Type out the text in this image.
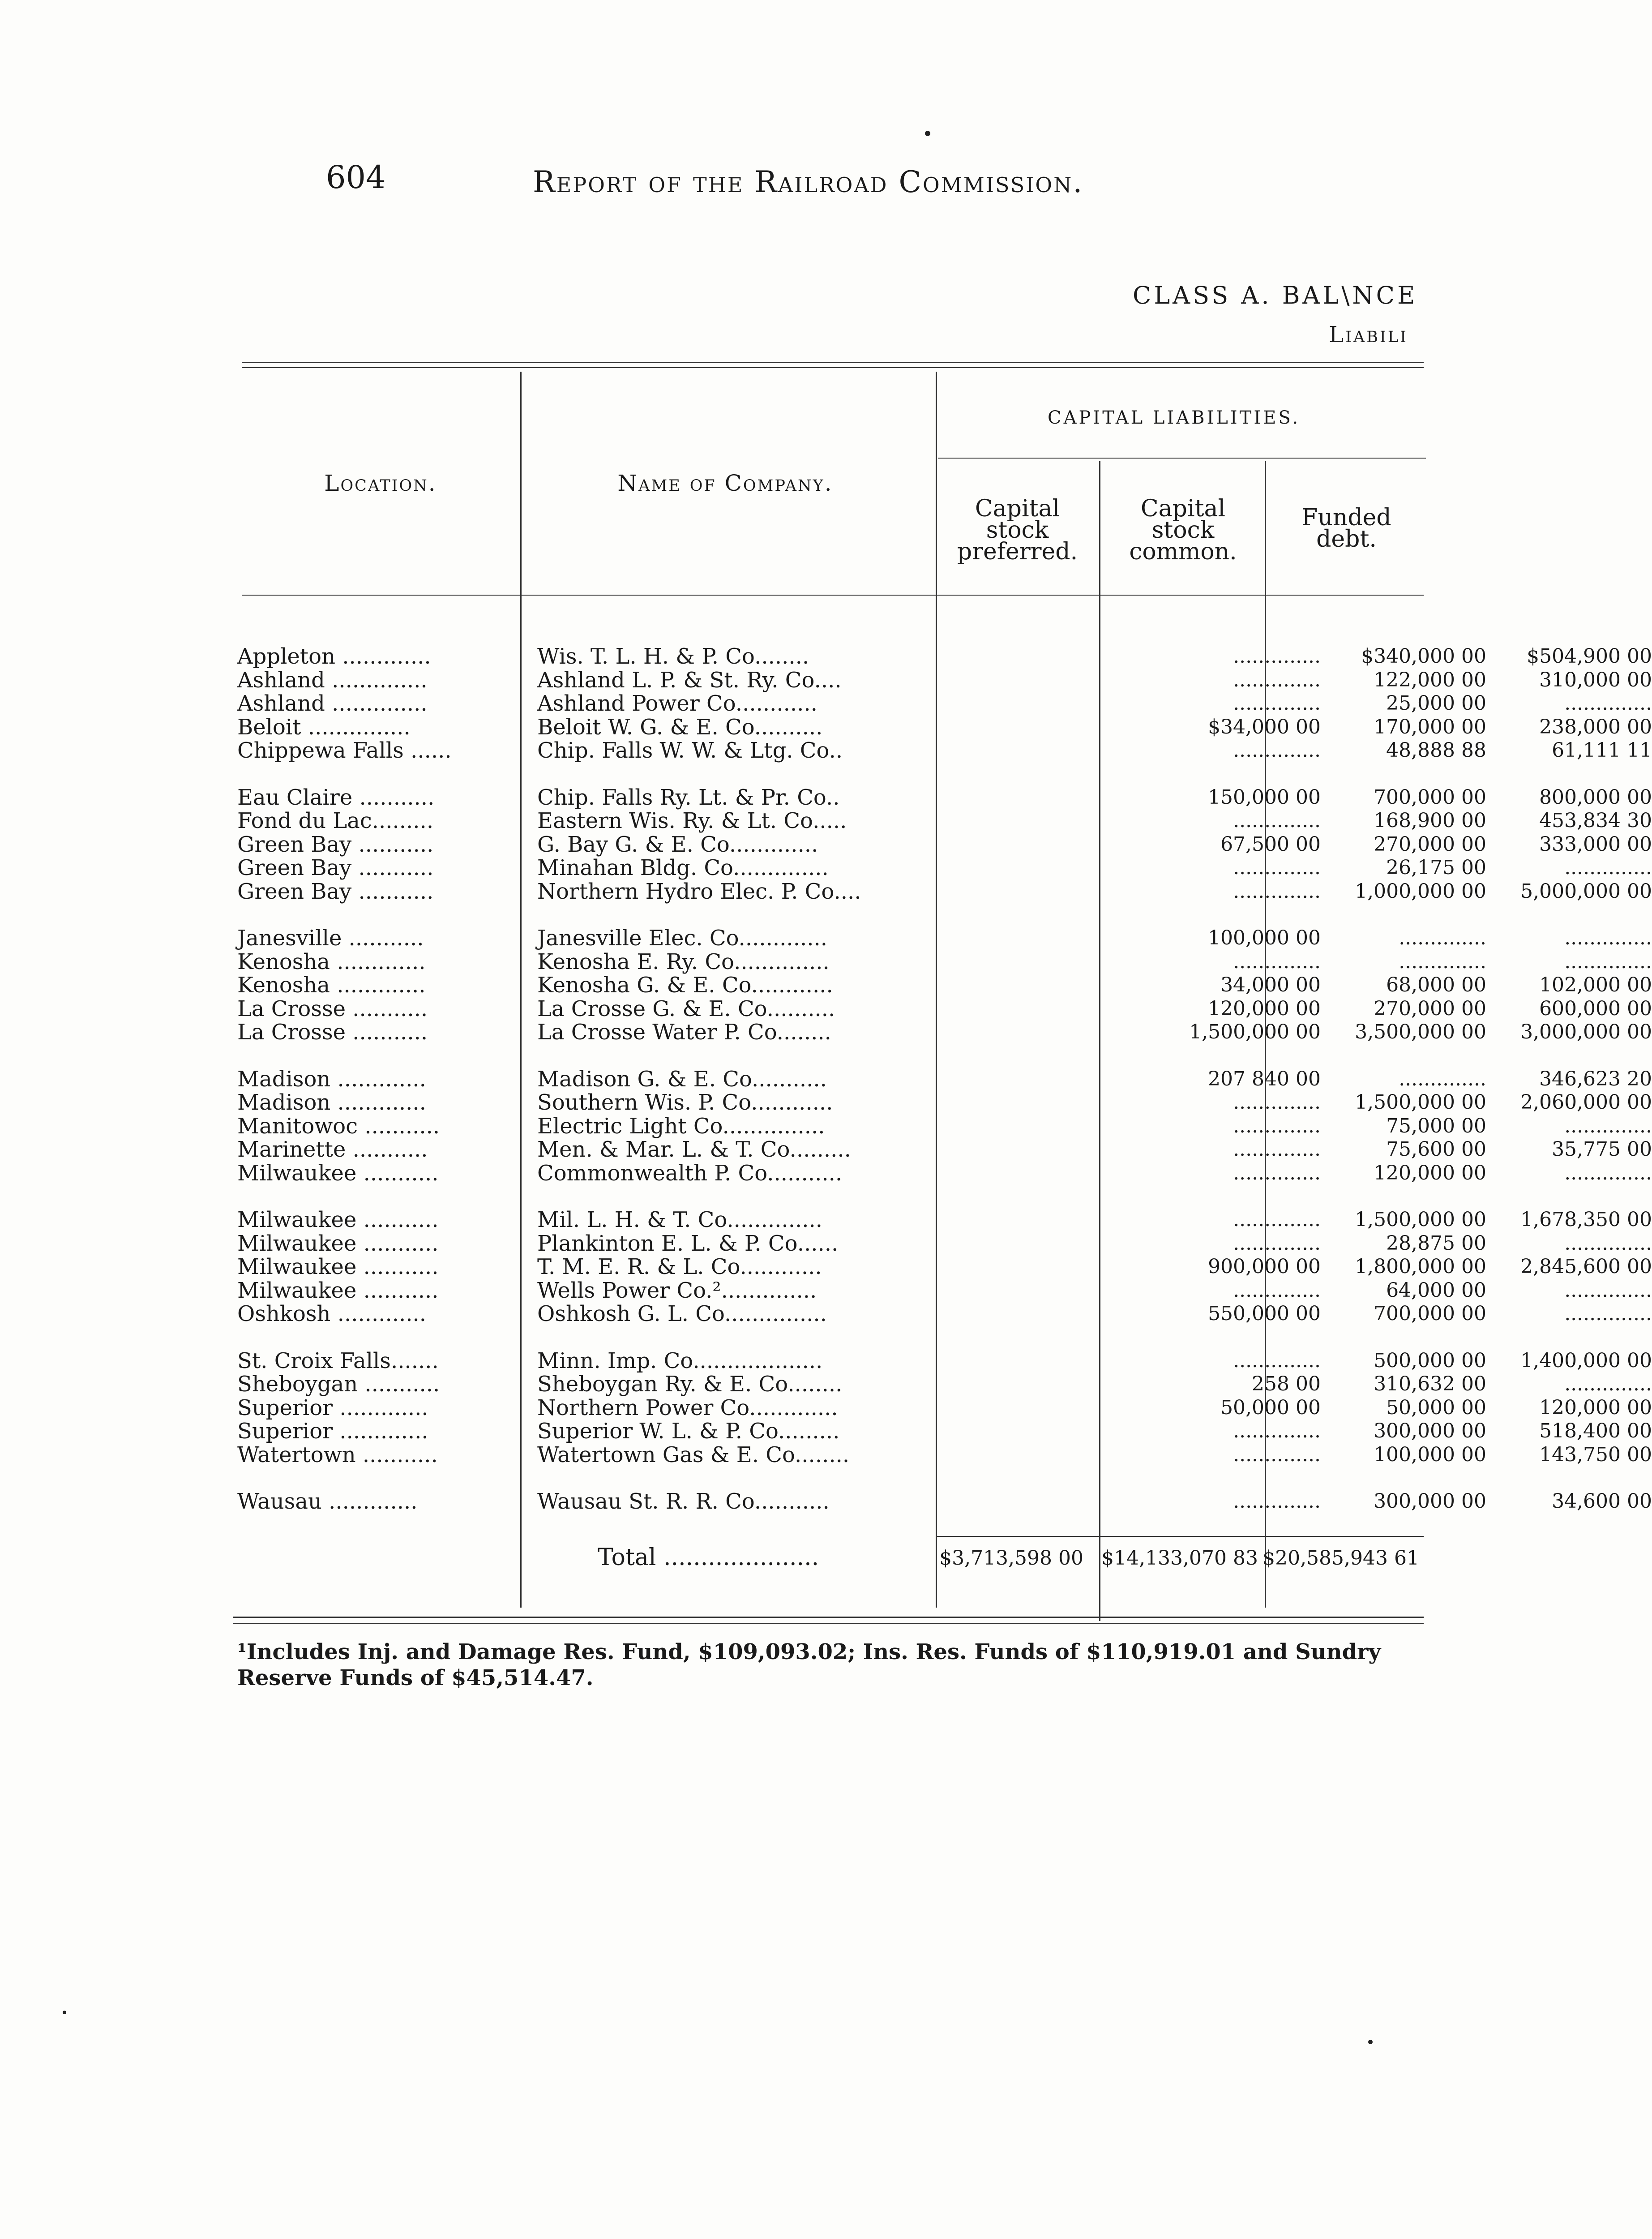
604	Report of the Railroad Commission.
CLASS A. BAL\NCE
Liabili
Location.	Name of Company.
CAPITAL LIABILITIES.
Capital
stock
preferred.
Capital
stock
common.
Funded
debt.
Appleton .............	Wis. T. L. H. & P. Co........	..............	$340,000 00	$504,900 00
Ashland ..............	Ashland L. P. & St. Ry. Co....	..............	122,000 00	310,000 00
Ashland ..............	Ashland Power Co............	..............	25,000 00	..............
Beloit ...............	Beloit W. G. & E. Co..........	$34,000 00	170,000 00	238,000 00
Chippewa Falls ......	Chip. Falls W. W. & Ltg. Co..	..............	48,888 88	61,111 11
Eau Claire ...........	Chip. Falls Ry. Lt. & Pr. Co..	150,000 00	700,000 00	800,000 00
Fond du Lac.........	Eastern Wis. Ry. & Lt. Co.....	..............	168,900 00	453,834 30
Green Bay ...........	G. Bay G. & E. Co.............	67,500 00	270,000 00	333,000 00
Green Bay ...........	Minahan Bldg. Co..............	..............	26,175 00	..............
Green Bay ...........	Northern Hydro Elec. P. Co....	..............	1,000,000 00	5,000,000 00
Janesville ...........	Janesville Elec. Co.............	100,000 00	..............	..............
Kenosha .............	Kenosha E. Ry. Co..............	..............	..............	..............
Kenosha .............	Kenosha G. & E. Co............	34,000 00	68,000 00	102,000 00
La Crosse ...........	La Crosse G. & E. Co..........	120,000 00	270,000 00	600,000 00
La Crosse ...........	La Crosse Water P. Co........	1,500,000 00	3,500,000 00	3,000,000 00
Madison .............	Madison G. & E. Co...........	207 840 00	..............	346,623 20
Madison .............	Southern Wis. P. Co............	..............	1,500,000 00	2,060,000 00
Manitowoc ...........	Electric Light Co...............	..............	75,000 00	..............
Marinette ...........	Men. & Mar. L. & T. Co.........	..............	75,600 00	35,775 00
Milwaukee ...........	Commonwealth P. Co...........	..............	120,000 00	..............
Milwaukee ...........	Mil. L. H. & T. Co..............	..............	1,500,000 00	1,678,350 00
Milwaukee ...........	Plankinton E. L. & P. Co......	..............	28,875 00	..............
Milwaukee ...........	T. M. E. R. & L. Co............	900,000 00	1,800,000 00	2,845,600 00
Milwaukee ...........	Wells Power Co.²..............	..............	64,000 00	..............
Oshkosh .............	Oshkosh G. L. Co...............	550,000 00	700,000 00	..............
St. Croix Falls.......	Minn. Imp. Co...................	..............	500,000 00	1,400,000 00
Sheboygan ...........	Sheboygan Ry. & E. Co........	258 00	310,632 00	..............
Superior .............	Northern Power Co.............	50,000 00	50,000 00	120,000 00
Superior .............	Superior W. L. & P. Co.........	..............	300,000 00	518,400 00
Watertown ...........	Watertown Gas & E. Co........	..............	100,000 00	143,750 00
Wausau .............	Wausau St. R. R. Co...........	..............	300,000 00	34,600 00
Total .....................	$3,713,598 00 $14,133,070 83 $20,585,943 61
¹Includes Inj. and Damage Res. Fund, $109,093.02; Ins. Res. Funds of $110,919.01 and Sundry
Reserve Funds of $45,514.47.
